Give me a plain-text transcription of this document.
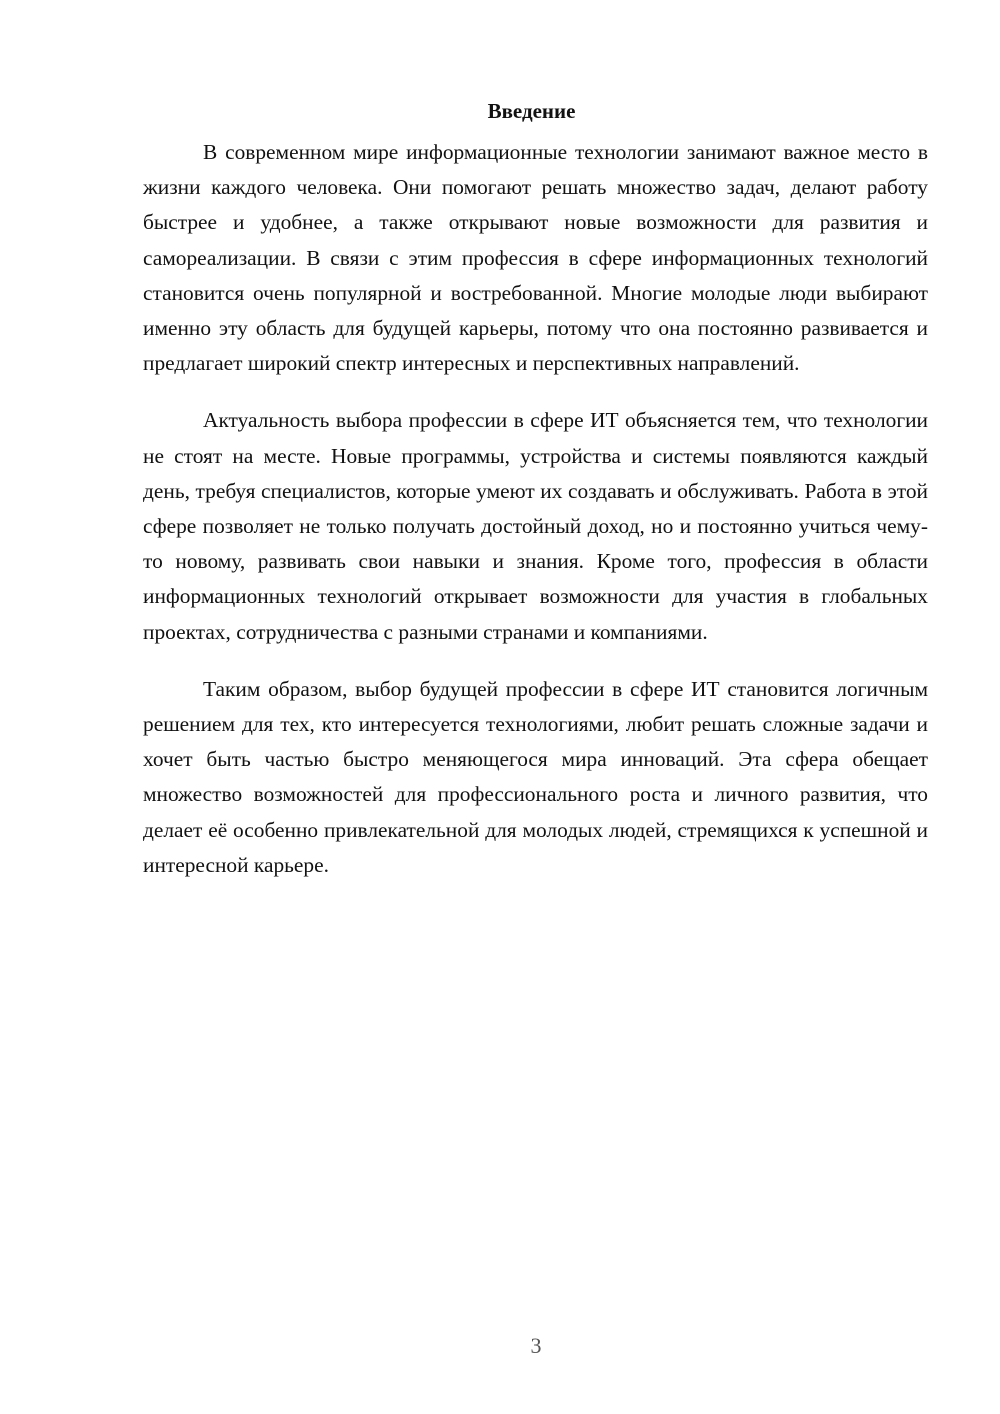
Введение

В современном мире информационные технологии занимают важное место в жизни каждого человека. Они помогают решать множество задач, делают работу быстрее и удобнее, а также открывают новые возможности для развития и самореализации. В связи с этим профессия в сфере информационных технологий становится очень популярной и востребованной. Многие молодые люди выбирают именно эту область для будущей карьеры, потому что она постоянно развивается и предлагает широкий спектр интересных и перспективных направлений.

Актуальность выбора профессии в сфере ИТ объясняется тем, что технологии не стоят на месте. Новые программы, устройства и системы появляются каждый день, требуя специалистов, которые умеют их создавать и обслуживать. Работа в этой сфере позволяет не только получать достойный доход, но и постоянно учиться чему-то новому, развивать свои навыки и знания. Кроме того, профессия в области информационных технологий открывает возможности для участия в глобальных проектах, сотрудничества с разными странами и компаниями.

Таким образом, выбор будущей профессии в сфере ИТ становится логичным решением для тех, кто интересуется технологиями, любит решать сложные задачи и хочет быть частью быстро меняющегося мира инноваций. Эта сфера обещает множество возможностей для профессионального роста и личного развития, что делает её особенно привлекательной для молодых людей, стремящихся к успешной и интересной карьере.

3
